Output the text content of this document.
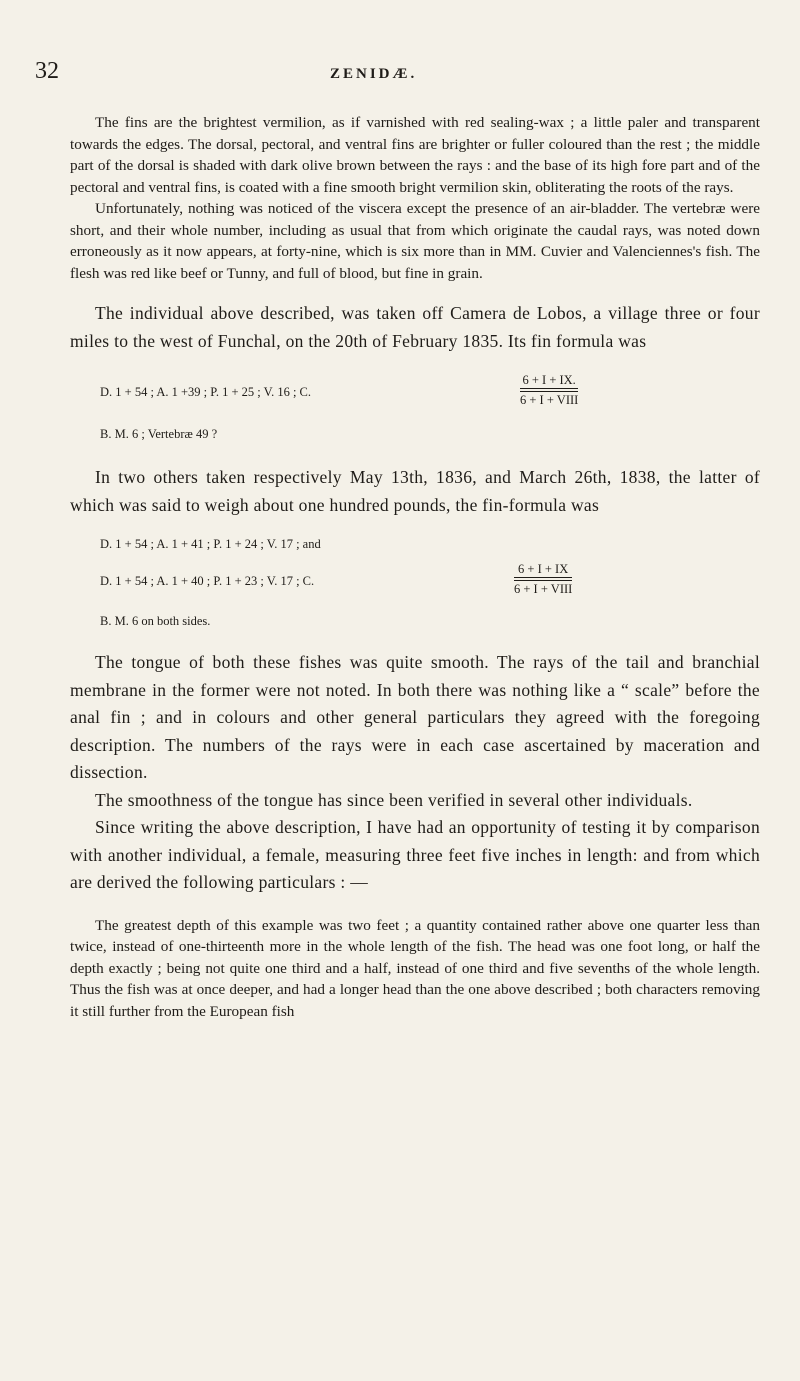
32	ZENIDÆ.

The fins are the brightest vermilion, as if varnished with red sealing-wax ; a little paler and transparent towards the edges. The dorsal, pectoral, and ventral fins are brighter or fuller coloured than the rest ; the middle part of the dorsal is shaded with dark olive brown between the rays : and the base of its high fore part and of the pectoral and ventral fins, is coated with a fine smooth bright vermilion skin, obliterating the roots of the rays.

Unfortunately, nothing was noticed of the viscera except the presence of an air-bladder. The vertebræ were short, and their whole number, including as usual that from which originate the caudal rays, was noted down erroneously as it now appears, at forty-nine, which is six more than in MM. Cuvier and Valenciennes's fish. The flesh was red like beef or Tunny, and full of blood, but fine in grain.

The individual above described, was taken off Camera de Lobos, a village three or four miles to the west of Funchal, on the 20th of February 1835. Its fin formula was

D. 1 + 54 ; A. 1 +39 ; P. 1 + 25 ; V. 16 ; C.
6 + I + IX.
6 + I + VIII

B. M. 6 ; Vertebræ 49 ?

In two others taken respectively May 13th, 1836, and March 26th, 1838, the latter of which was said to weigh about one hundred pounds, the fin-formula was

D. 1 + 54 ; A. 1 + 41 ; P. 1 + 24 ; V. 17 ; and

D. 1 + 54 ; A. 1 + 40 ; P. 1 + 23 ; V. 17 ; C.
6 + I + IX
6 + I + VIII

B. M. 6 on both sides.

The tongue of both these fishes was quite smooth. The rays of the tail and branchial membrane in the former were not noted. In both there was nothing like a “ scale” before the anal fin ; and in colours and other general particulars they agreed with the foregoing description. The numbers of the rays were in each case ascertained by maceration and dissection.

The smoothness of the tongue has since been verified in several other individuals.

Since writing the above description, I have had an opportunity of testing it by comparison with another individual, a female, measuring three feet five inches in length: and from which are derived the following particulars : —

The greatest depth of this example was two feet ; a quantity contained rather above one quarter less than twice, instead of one-thirteenth more in the whole length of the fish. The head was one foot long, or half the depth exactly ; being not quite one third and a half, instead of one third and five sevenths of the whole length. Thus the fish was at once deeper, and had a longer head than the one above described ; both characters removing it still further from the European fish
